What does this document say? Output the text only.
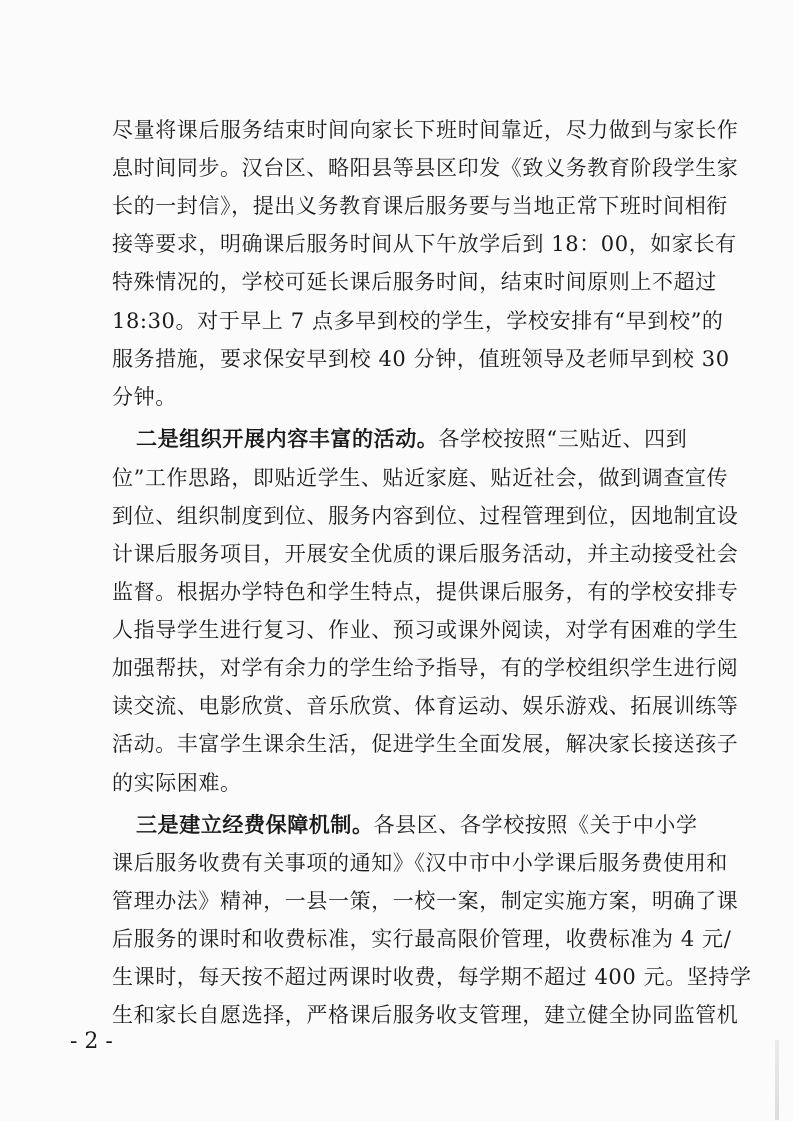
尽量将课后服务结束时间向家长下班时间靠近，尽力做到与家长作
息时间同步。汉台区、略阳县等县区印发《致义务教育阶段学生家
长的一封信》，提出义务教育课后服务要与当地正常下班时间相衔
接等要求，明确课后服务时间从下午放学后到 18：00，如家长有
特殊情况的，学校可延长课后服务时间，结束时间原则上不超过
18:30。对于早上 7 点多早到校的学生，学校安排有“早到校”的
服务措施，要求保安早到校 40 分钟，值班领导及老师早到校 30
分钟。
二是组织开展内容丰富的活动。各学校按照“三贴近、四到
位”工作思路，即贴近学生、贴近家庭、贴近社会，做到调查宣传
到位、组织制度到位、服务内容到位、过程管理到位，因地制宜设
计课后服务项目，开展安全优质的课后服务活动，并主动接受社会
监督。根据办学特色和学生特点，提供课后服务，有的学校安排专
人指导学生进行复习、作业、预习或课外阅读，对学有困难的学生
加强帮扶，对学有余力的学生给予指导，有的学校组织学生进行阅
读交流、电影欣赏、音乐欣赏、体育运动、娱乐游戏、拓展训练等
活动。丰富学生课余生活，促进学生全面发展，解决家长接送孩子
的实际困难。
三是建立经费保障机制。各县区、各学校按照《关于中小学
课后服务收费有关事项的通知》《汉中市中小学课后服务费使用和
管理办法》精神，一县一策，一校一案，制定实施方案，明确了课
后服务的课时和收费标准，实行最高限价管理，收费标准为 4 元/
生课时，每天按不超过两课时收费，每学期不超过 400 元。坚持学
生和家长自愿选择，严格课后服务收支管理，建立健全协同监管机
- 2 -
